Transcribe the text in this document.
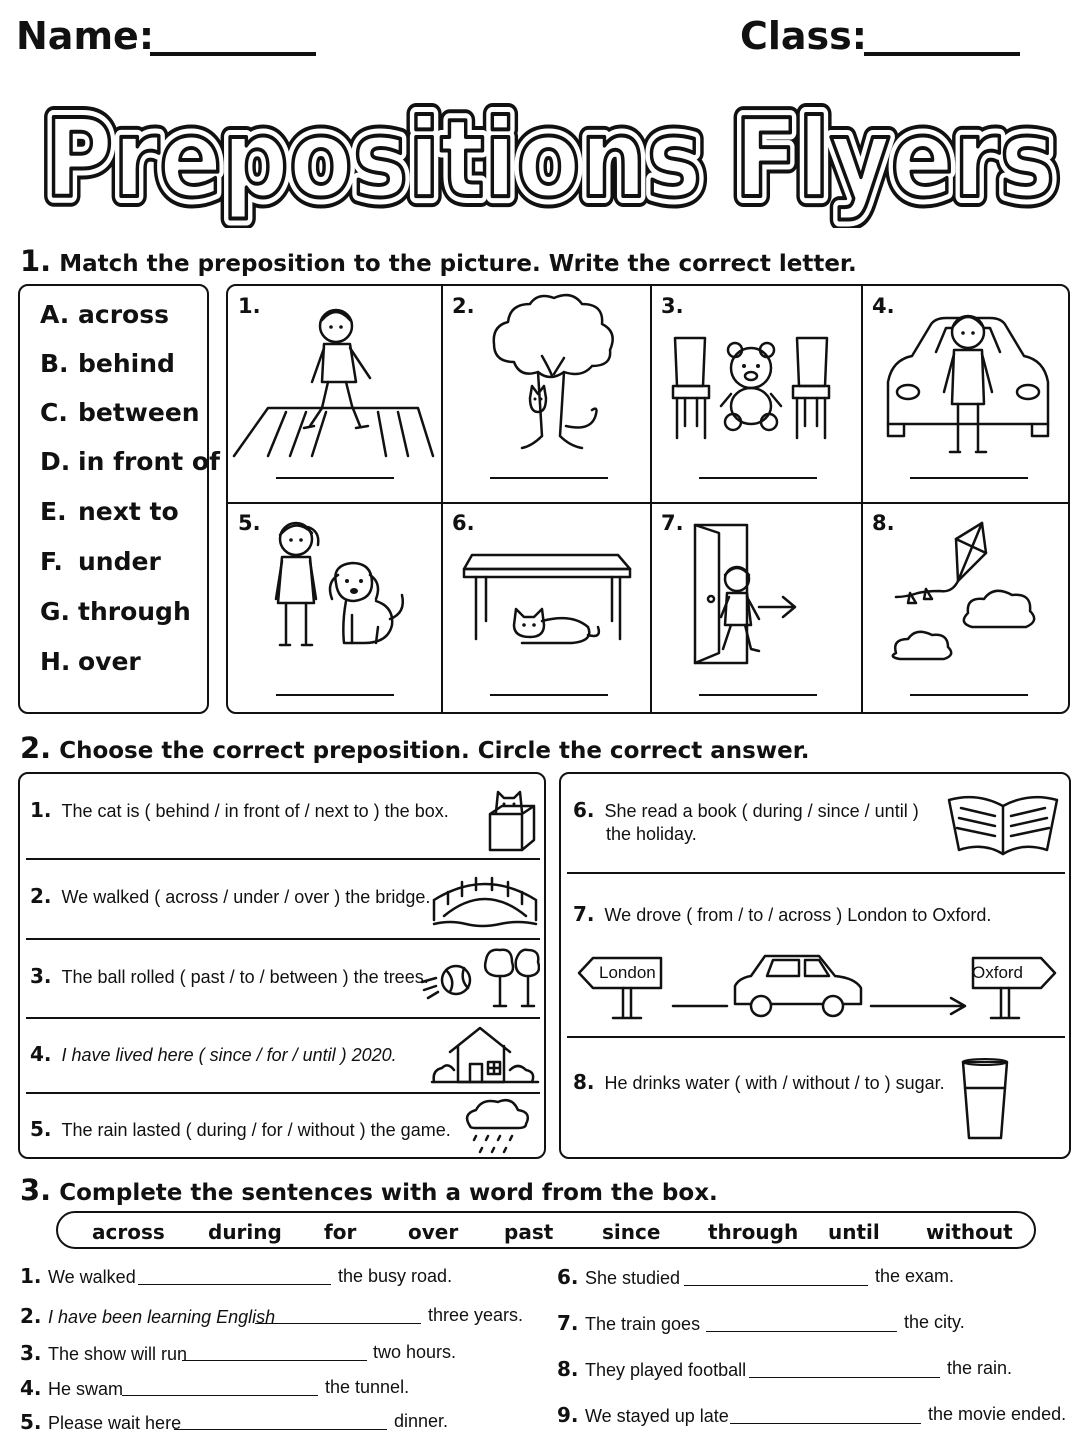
Name:	Class:
Prepositions Flyers
Prepositions Flyers
Prepositions Flyers
1. Match the preposition to the picture. Write the correct letter.
A. across
B. behind
C. between
D. in front of
E. next to
F. under
G. through
H. over
1.	2.	3.	4.
5.	6.	7.	8.
2. Choose the correct preposition. Circle the correct answer.
1. The cat is ( behind / in front of / next to ) the box.
2. We walked ( across / under / over ) the bridge.
3. The ball rolled ( past / to / between ) the trees.
4. I have lived here ( since / for / until ) 2020.
5. The rain lasted ( during / for / without ) the game.
6. She read a book ( during / since / until )
the holiday.
7. We drove ( from / to / across ) London to Oxford.
London	Oxford
8. He drinks water ( with / without / to ) sugar.
3. Complete the sentences with a word from the box.
across during for	over past since through until without
1. We walked	the busy road.
2. I have been learning English	three years.
3. The show will run	two hours.
4. He swam	the tunnel.
5. Please wait here	dinner.
6. She studied	the exam.
7. The train goes	the city.
8. They played football	the rain.
9. We stayed up late	the movie ended.
